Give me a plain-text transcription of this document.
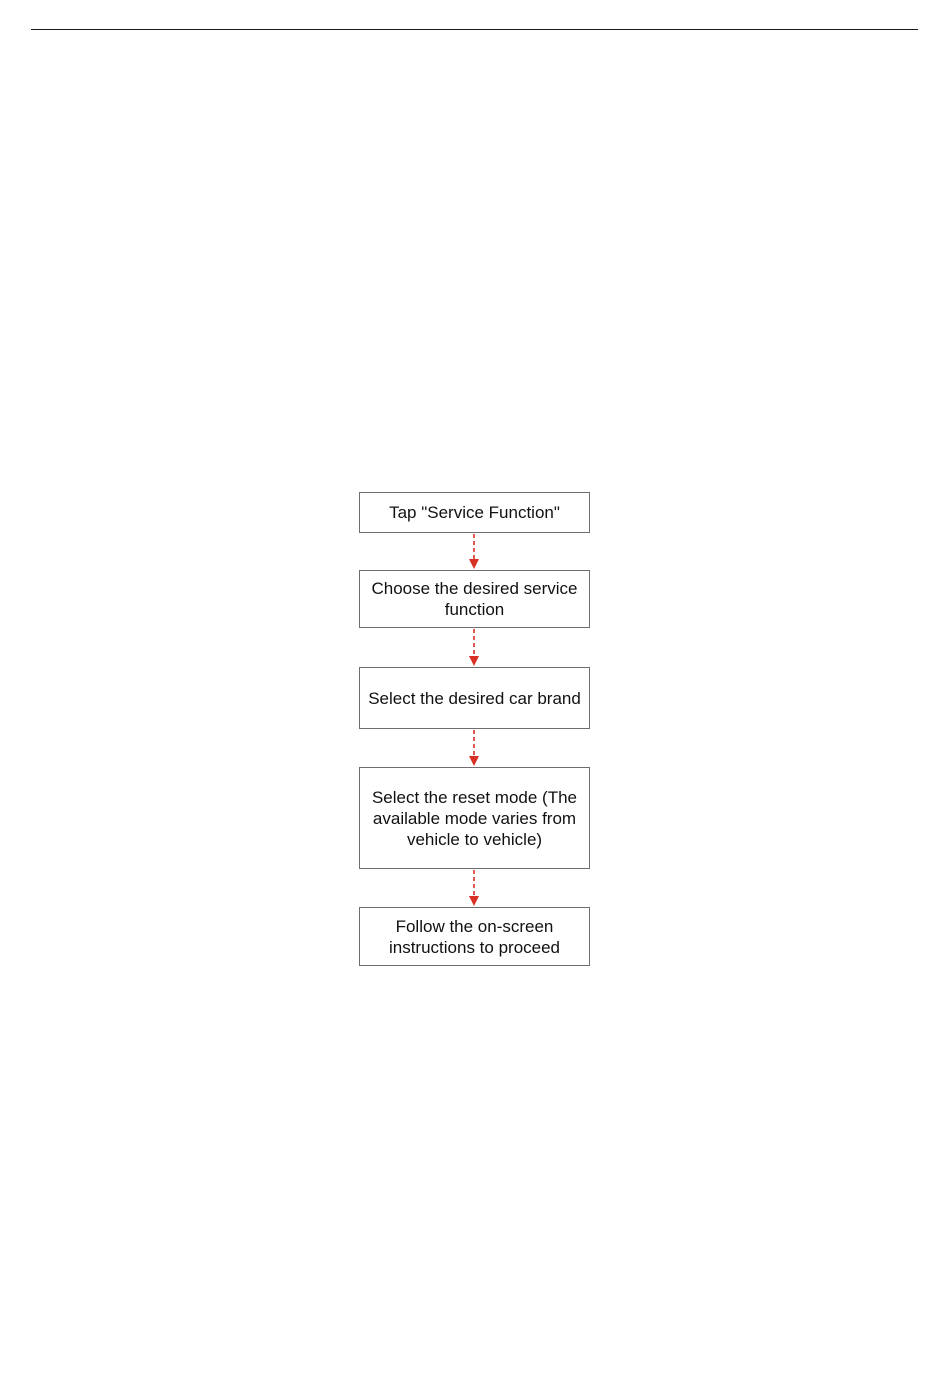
Tap "Service Function"
Choose the desired service function
Select the desired car brand
Select the reset mode (The available mode varies from vehicle to vehicle)
Follow the on-screen instructions to proceed
